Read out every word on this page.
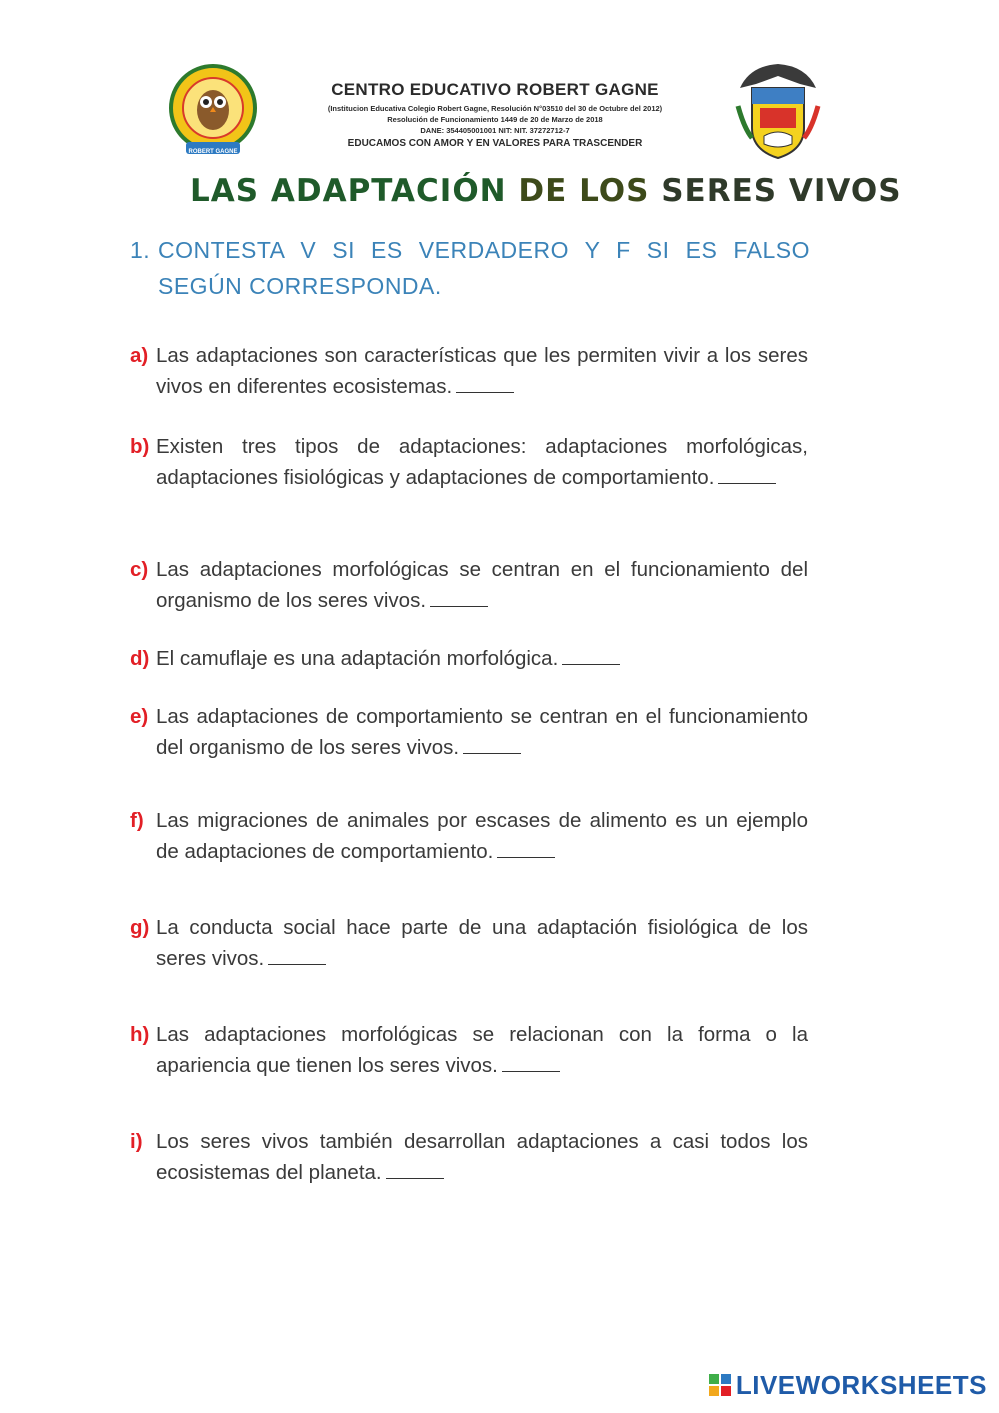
ROBERT GAGNE
CENTRO EDUCATIVO ROBERT GAGNE
(Institucion Educativa Colegio Robert Gagne, Resolución N°03510 del 30 de Octubre del 2012)
Resolución de Funcionamiento 1449 de 20 de Marzo de 2018
DANE: 354405001001 NIT: NIT. 37272712-7
EDUCAMOS CON AMOR Y EN VALORES PARA TRASCENDER
LAS ADAPTACIÓN DE LOS SERES VIVOS
1. CONTESTA V SI ES VERDADERO Y F SI ES FALSO SEGÚN CORRESPONDA.
a) Las adaptaciones son características que les permiten vivir a los seres vivos en diferentes ecosistemas.
b) Existen tres tipos de adaptaciones: adaptaciones morfológicas, adaptaciones fisiológicas y adaptaciones de comportamiento.
c) Las adaptaciones morfológicas se centran en el funcionamiento del organismo de los seres vivos.
d) El camuflaje es una adaptación morfológica.
e) Las adaptaciones de comportamiento se centran en el funcionamiento del organismo de los seres vivos.
f) Las migraciones de animales por escases de alimento es un ejemplo de adaptaciones de comportamiento.
g) La conducta social hace parte de una adaptación fisiológica de los seres vivos.
h) Las adaptaciones morfológicas se relacionan con la forma o la apariencia que tienen los seres vivos.
i) Los seres vivos también desarrollan adaptaciones a casi todos los ecosistemas del planeta.
LIVEWORKSHEETS
